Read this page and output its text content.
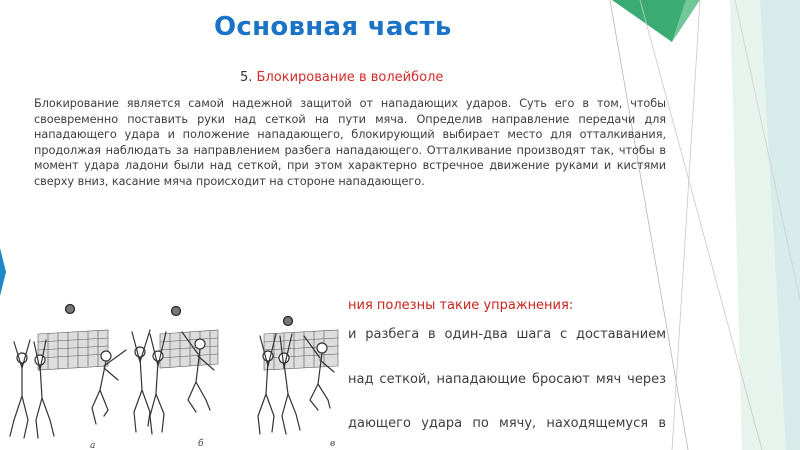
Основная часть
5. Блокирование в волейболе
Блокирование является самой надежной защитой от нападающих ударов. Суть его в том, чтобы своевременно поставить руки над сеткой на пути мяча. Определив направление передачи для нападающего удара и положение нападающего, блокирующий выбирает место для отталкивания, продолжая наблюдать за направлением разбега нападающего. Отталкивание производят так, чтобы в момент удара ладони были над сеткой, при этом характерно встречное движение руками и кистями сверху вниз, касание мяча происходит на стороне нападающего.
ния полезны такие упражнения:
и разбега в один-два шага с доставанием
над сеткой, нападающие бросают мяч через
дающего удара по мячу, находящемуся в
а	б	в
